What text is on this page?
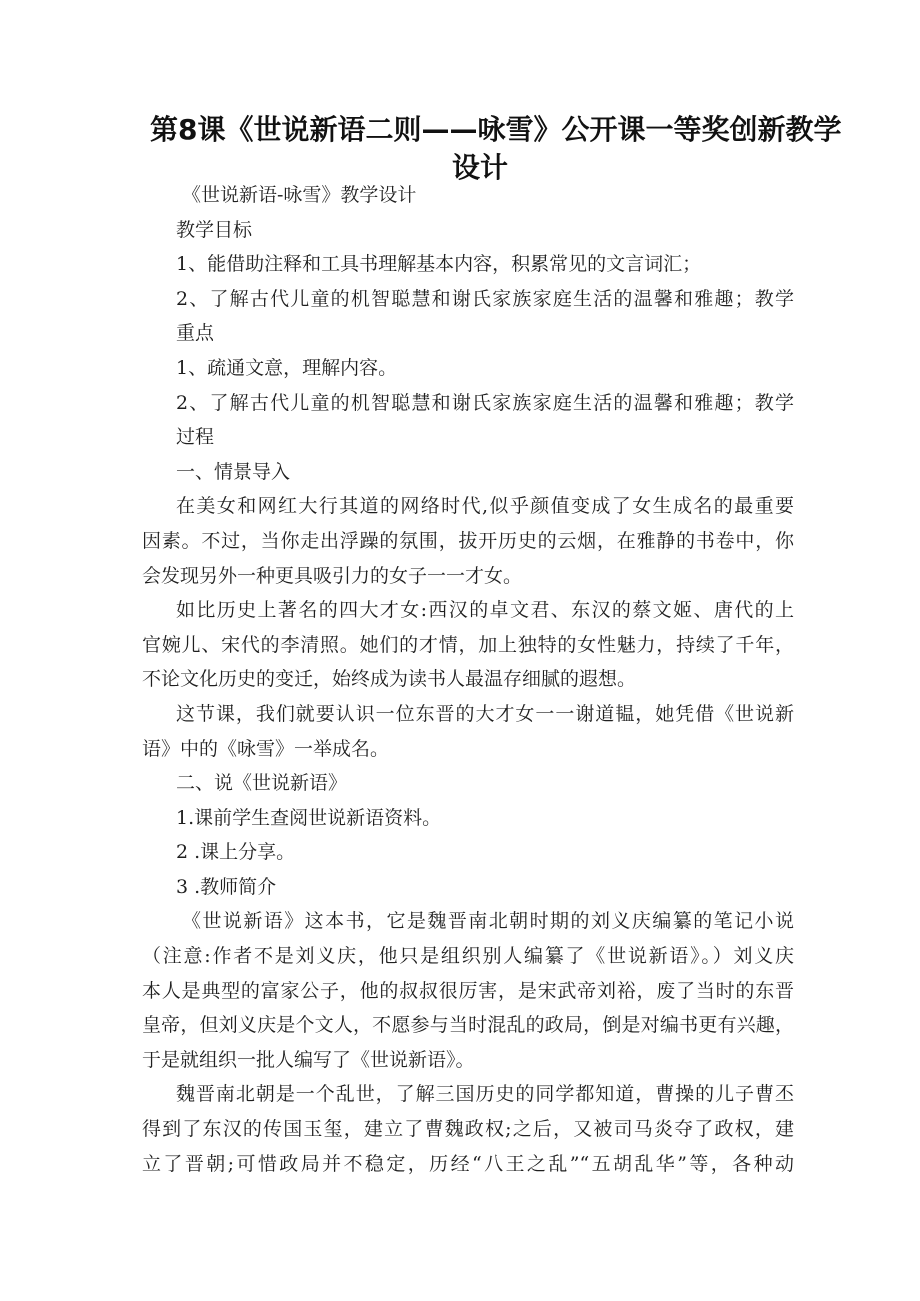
第8课《世说新语二则——咏雪》公开课一等奖创新教学
设计
《世说新语-咏雪》教学设计
教学目标
1、能借助注释和工具书理解基本内容，积累常见的文言词汇；
2、了解古代儿童的机智聪慧和谢氏家族家庭生活的温馨和雅趣；教学
重点
1、疏通文意，理解内容。
2、了解古代儿童的机智聪慧和谢氏家族家庭生活的温馨和雅趣；教学
过程
一、情景导入
在美女和网红大行其道的网络时代,似乎颜值变成了女生成名的最重要
因素。不过，当你走出浮躁的氛围，拔开历史的云烟，在雅静的书卷中，你
会发现另外一种更具吸引力的女子一一才女。
如比历史上著名的四大才女:西汉的卓文君、东汉的蔡文姬、唐代的上
官婉儿、宋代的李清照。她们的才情，加上独特的女性魅力，持续了千年，
不论文化历史的变迁，始终成为读书人最温存细腻的遐想。
这节课，我们就要认识一位东晋的大才女一一谢道韫，她凭借《世说新
语》中的《咏雪》一举成名。
二、说《世说新语》
1.课前学生查阅世说新语资料。
2 .课上分享。
3 .教师简介
《世说新语》这本书，它是魏晋南北朝时期的刘义庆编纂的笔记小说
（注意:作者不是刘义庆，他只是组织别人编纂了《世说新语》。）刘义庆
本人是典型的富家公子，他的叔叔很厉害，是宋武帝刘裕，废了当时的东晋
皇帝，但刘义庆是个文人，不愿参与当时混乱的政局，倒是对编书更有兴趣，
于是就组织一批人编写了《世说新语》。
魏晋南北朝是一个乱世，了解三国历史的同学都知道，曹操的儿子曹丕
得到了东汉的传国玉玺，建立了曹魏政权;之后，又被司马炎夺了政权，建
立了晋朝;可惜政局并不稳定，历经“八王之乱”“五胡乱华”等，各种动
